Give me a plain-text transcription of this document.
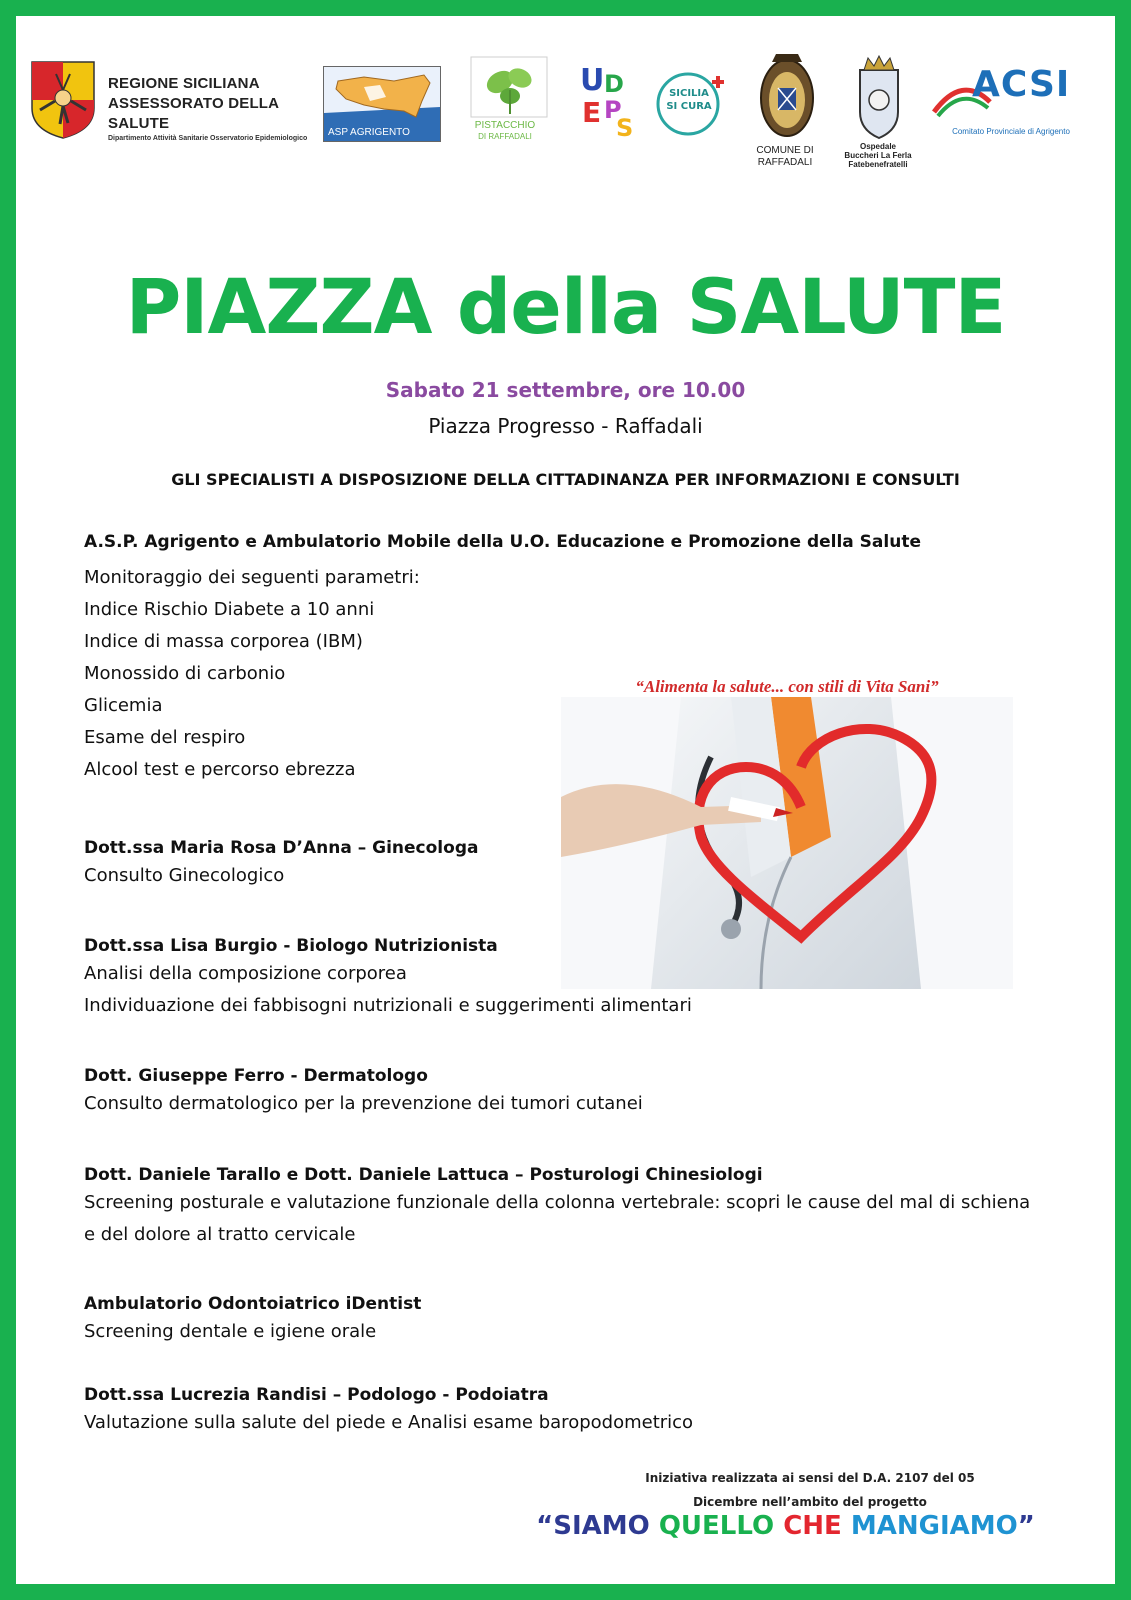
REGIONE SICILIANA
ASSESSORATO DELLA SALUTE
Dipartimento Attività Sanitarie Osservatorio Epidemiologico
ASP AGRIGENTO
PISTACCHIO
DI RAFFADALI
U D
E P
S
SICILIA
SI CURA
COMUNE DI
RAFFADALI
Ospedale
Buccheri La Ferla
Fatebenefratelli
ACSI
Comitato Provinciale di Agrigento
PIAZZA della SALUTE
Sabato 21 settembre, ore 10.00
Piazza Progresso - Raffadali
GLI SPECIALISTI A DISPOSIZIONE DELLA CITTADINANZA PER INFORMAZIONI E CONSULTI
A.S.P. Agrigento e Ambulatorio Mobile della U.O. Educazione e Promozione della Salute
Monitoraggio dei seguenti parametri:
Indice Rischio Diabete a 10 anni
Indice di massa corporea (IBM)
Monossido di carbonio
Glicemia
Esame del respiro
Alcool test e percorso ebrezza
Dott.ssa Maria Rosa D’Anna – Ginecologa
Consulto Ginecologico
Dott.ssa Lisa Burgio - Biologo Nutrizionista
Analisi della composizione corporea
Individuazione dei fabbisogni nutrizionali e suggerimenti alimentari
Dott. Giuseppe Ferro - Dermatologo
Consulto dermatologico per la prevenzione dei tumori cutanei
Dott. Daniele Tarallo e Dott. Daniele Lattuca – Posturologi Chinesiologi
Screening posturale e valutazione funzionale della colonna vertebrale: scopri le cause del mal di schiena e del dolore al tratto cervicale
Ambulatorio Odontoiatrico iDentist
Screening dentale e igiene orale
Dott.ssa Lucrezia Randisi – Podologo - Podoiatra
Valutazione sulla salute del piede e Analisi esame baropodometrico
“Alimenta la salute... con stili di Vita Sani”
Iniziativa realizzata ai sensi del D.A. 2107 del 05
Dicembre nell’ambito del progetto
“SIAMO QUELLO CHE MANGIAMO”
